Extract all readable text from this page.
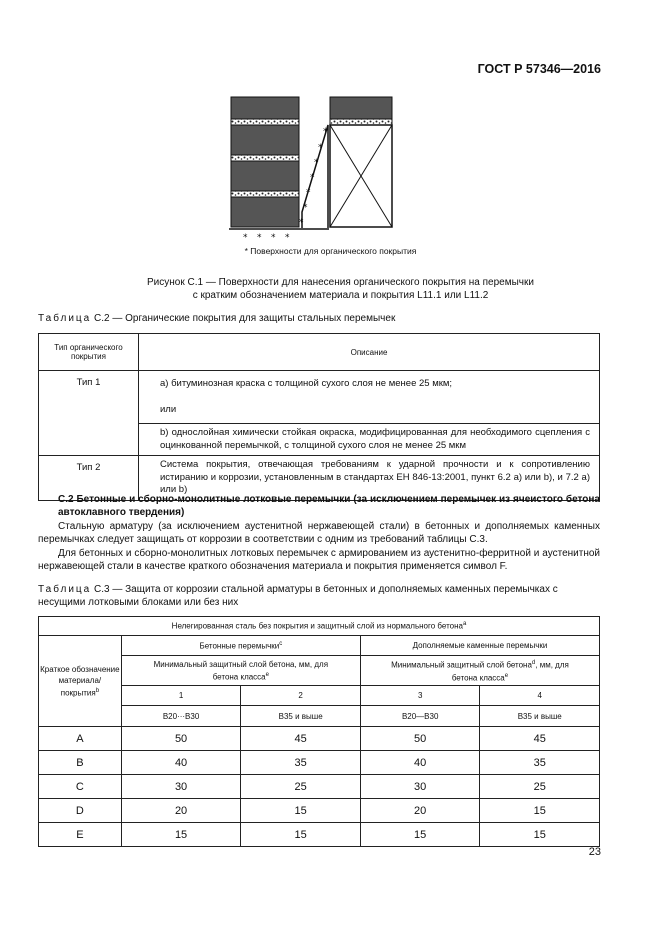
ГОСТ Р 57346—2016
*
*
*
*
*
*
*
* * * *
* Поверхности для органического покрытия
Рисунок С.1 — Поверхности для нанесения органического покрытия на перемычки
с кратким обозначением материала и покрытия L11.1 или L11.2
Таблица С.2 — Органические покрытия для защиты стальных перемычек
Тип органического покрытия	Описание
Тип 1	а) битуминозная краска с толщиной сухого слоя не менее 25 мкм;
	или
	b) однослойная химически стойкая окраска, модифицированная для необходимого сцепления с оцинкованной перемычкой, с толщиной сухого слоя не менее 25 мкм
Тип 2	Система покрытия, отвечающая требованиям к ударной прочности и к сопротивлению истиранию и коррозии, установленным в стандартах ЕН 846-13:2001, пункт 6.2 а) или b), и 7.2 а) или b)
С.2 Бетонные и сборно-монолитные лотковые перемычки (за исключением перемычек из ячеистого бетона автоклавного твердения)
Стальную арматуру (за исключением аустенитной нержавеющей стали) в бетонных и дополняемых каменных перемычках следует защищать от коррозии в соответствии с одним из требований таблицы С.3.
Для бетонных и сборно-монолитных лотковых перемычек с армированием из аустенитно-ферритной и аустенитной нержавеющей стали в качестве краткого обозначения материала и покрытия применяется символ F.
Таблица С.3 — Защита от коррозии стальной арматуры в бетонных и дополняемых каменных перемычках с несущими лотковыми блоками или без них
Нелегированная сталь без покрытия и защитный слой из нормального бетона$^a$
Краткое обозначение материала/ покрытия$^b$	Бетонные перемычки$^c$		Дополняемые каменные перемычки	
	Минимальный защитный слой бетона, мм, для бетона класса$^e$		Минимальный защитный слой бетона$^d$, мм, для бетона класса$^e$
	1	2	3	4
	В20···В30	В35 и выше	В20—В30	В35 и выше
A	50	45	50	45
B	40	35	40	35
C	30	25	30	25
D	20	15	20	15
E	15	15	15	15
23
